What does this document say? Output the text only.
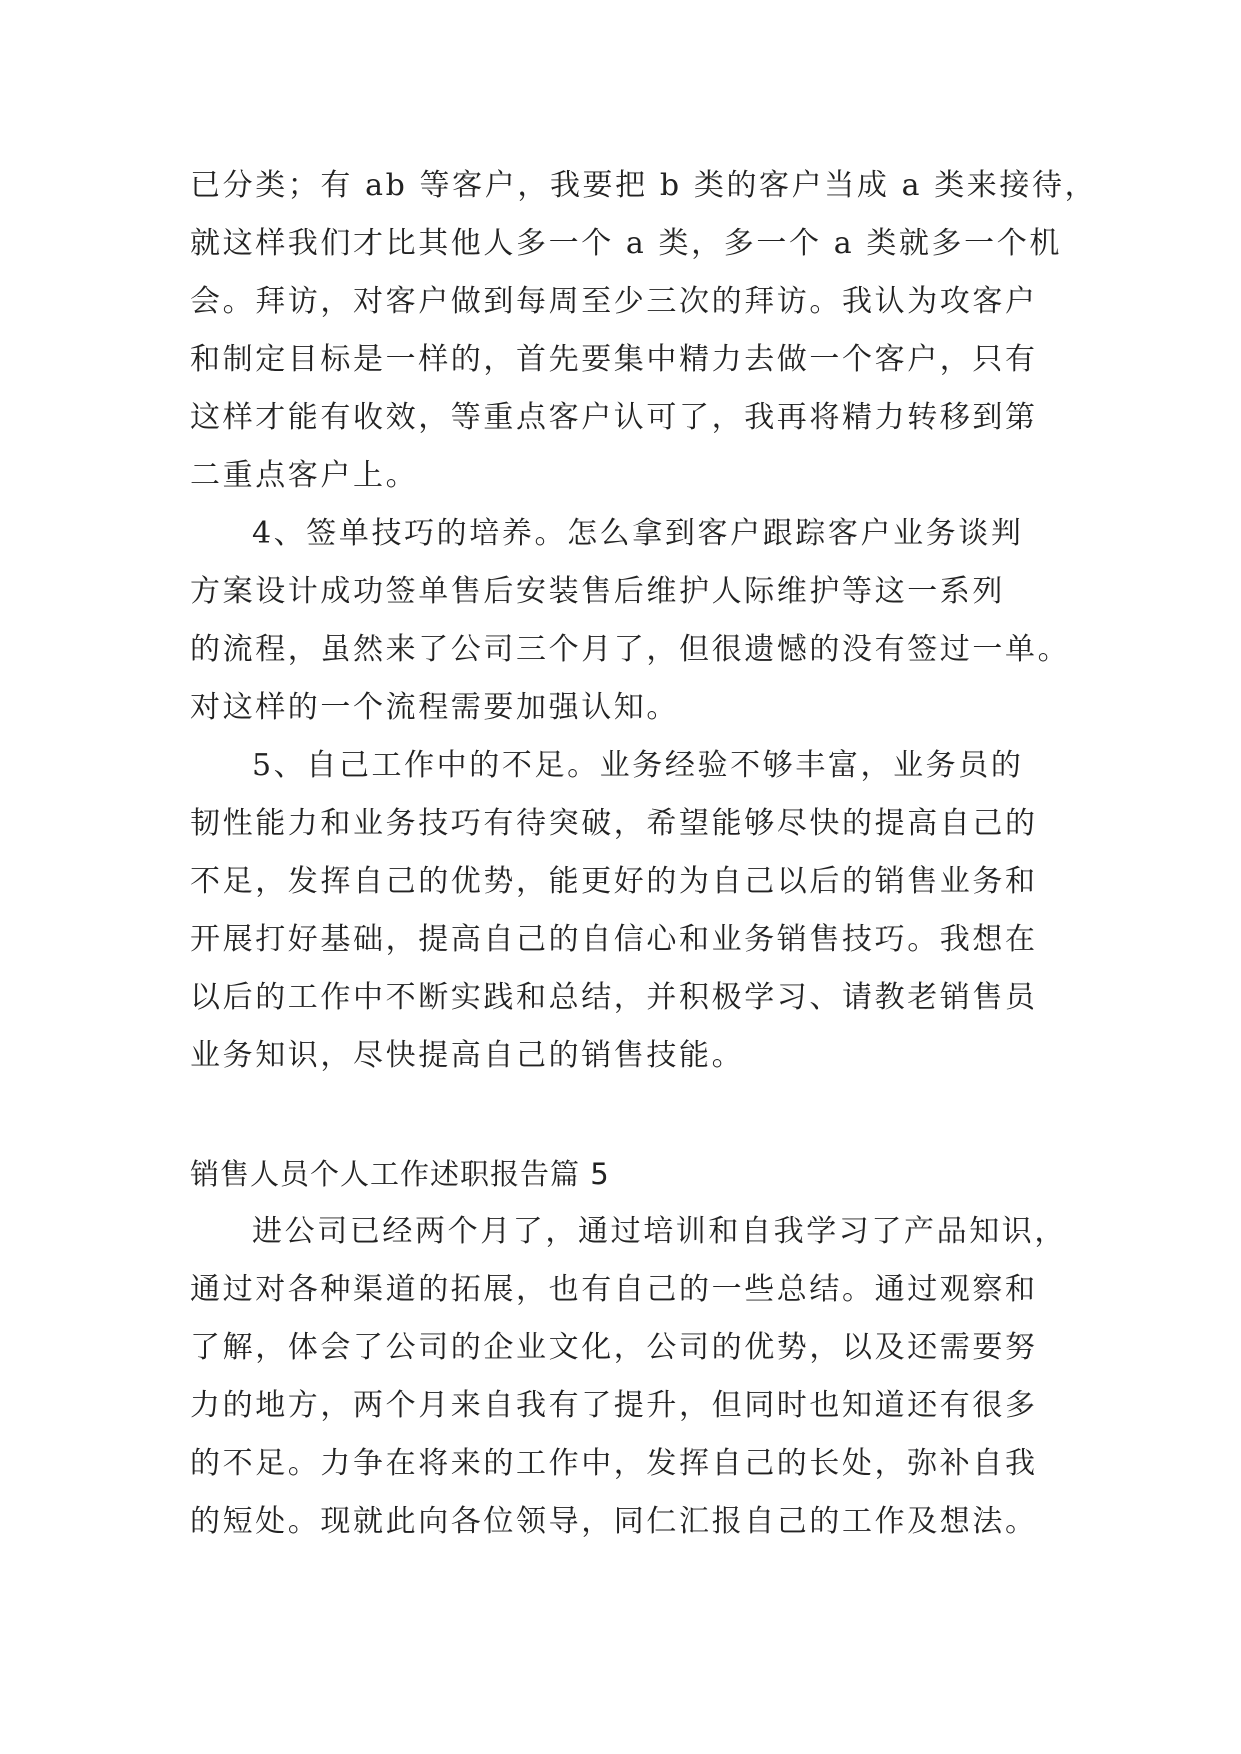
已分类；有 ab 等客户，我要把 b 类的客户当成 a 类来接待，

就这样我们才比其他人多一个 a 类，多一个 a 类就多一个机

会。拜访，对客户做到每周至少三次的拜访。我认为攻客户

和制定目标是一样的，首先要集中精力去做一个客户，只有

这样才能有收效，等重点客户认可了，我再将精力转移到第

二重点客户上。

4、签单技巧的培养。怎么拿到客户跟踪客户业务谈判

方案设计成功签单售后安装售后维护人际维护等这一系列

的流程，虽然来了公司三个月了，但很遗憾的没有签过一单。

对这样的一个流程需要加强认知。

5、自己工作中的不足。业务经验不够丰富，业务员的

韧性能力和业务技巧有待突破，希望能够尽快的提高自己的

不足，发挥自己的优势，能更好的为自己以后的销售业务和

开展打好基础，提高自己的自信心和业务销售技巧。我想在

以后的工作中不断实践和总结，并积极学习、请教老销售员

业务知识，尽快提高自己的销售技能。

销售人员个人工作述职报告篇 5

进公司已经两个月了，通过培训和自我学习了产品知识，

通过对各种渠道的拓展，也有自己的一些总结。通过观察和

了解，体会了公司的企业文化，公司的优势，以及还需要努

力的地方，两个月来自我有了提升，但同时也知道还有很多

的不足。力争在将来的工作中，发挥自己的长处，弥补自我

的短处。现就此向各位领导，同仁汇报自己的工作及想法。
